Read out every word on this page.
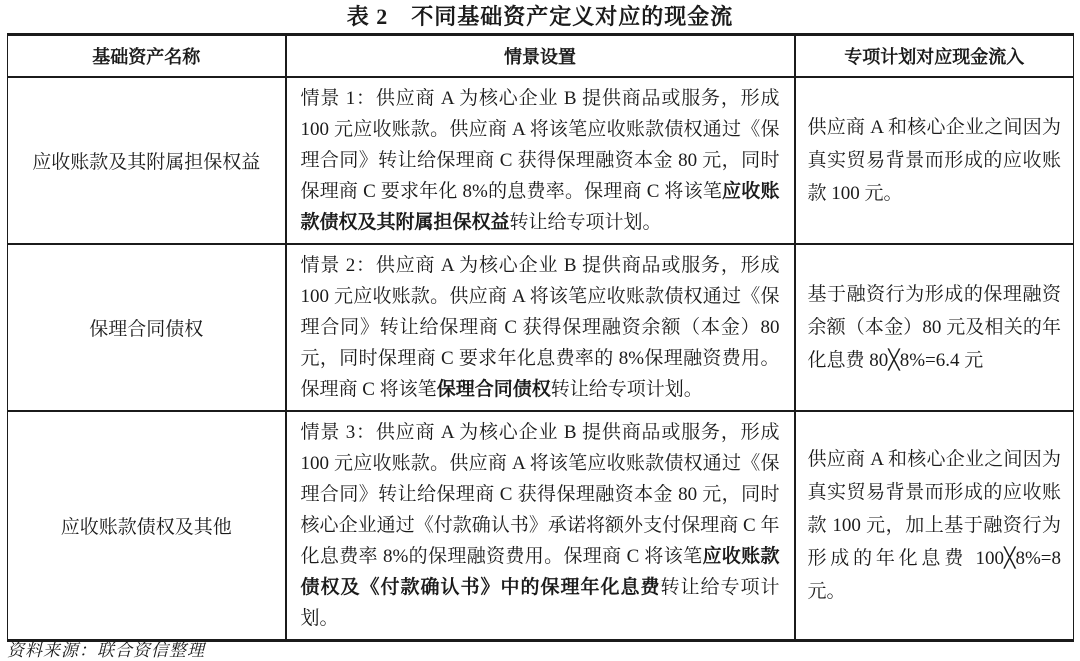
表 2　不同基础资产定义对应的现金流
基础资产名称	情景设置	专项计划对应现金流入
应收账款及其附属担保权益	情景 1：供应商 A 为核心企业 B 提供商品或服务，形成 100 元应收账款。供应商 A 将该笔应收账款债权通过《保理合同》转让给保理商 C 获得保理融资本金 80 元，同时保理商 C 要求年化 8%的息费率。保理商 C 将该笔应收账款债权及其附属担保权益转让给专项计划。	供应商 A 和核心企业之间因为真实贸易背景而形成的应收账款 100 元。
保理合同债权	情景 2：供应商 A 为核心企业 B 提供商品或服务，形成 100 元应收账款。供应商 A 将该笔应收账款债权通过《保理合同》转让给保理商 C 获得保理融资余额（本金）80 元，同时保理商 C 要求年化息费率的 8%保理融资费用。保理商 C 将该笔保理合同债权转让给专项计划。	基于融资行为形成的保理融资余额（本金）80 元及相关的年化息费 80╳8%=6.4 元
应收账款债权及其他	情景 3：供应商 A 为核心企业 B 提供商品或服务，形成 100 元应收账款。供应商 A 将该笔应收账款债权通过《保理合同》转让给保理商 C 获得保理融资本金 80 元，同时核心企业通过《付款确认书》承诺将额外支付保理商 C 年化息费率 8%的保理融资费用。保理商 C 将该笔应收账款债权及《付款确认书》中的保理年化息费转让给专项计划。	供应商 A 和核心企业之间因为真实贸易背景而形成的应收账款 100 元，加上基于融资行为形成的年化息费 100╳8%=8 元。
资料来源：联合资信整理
